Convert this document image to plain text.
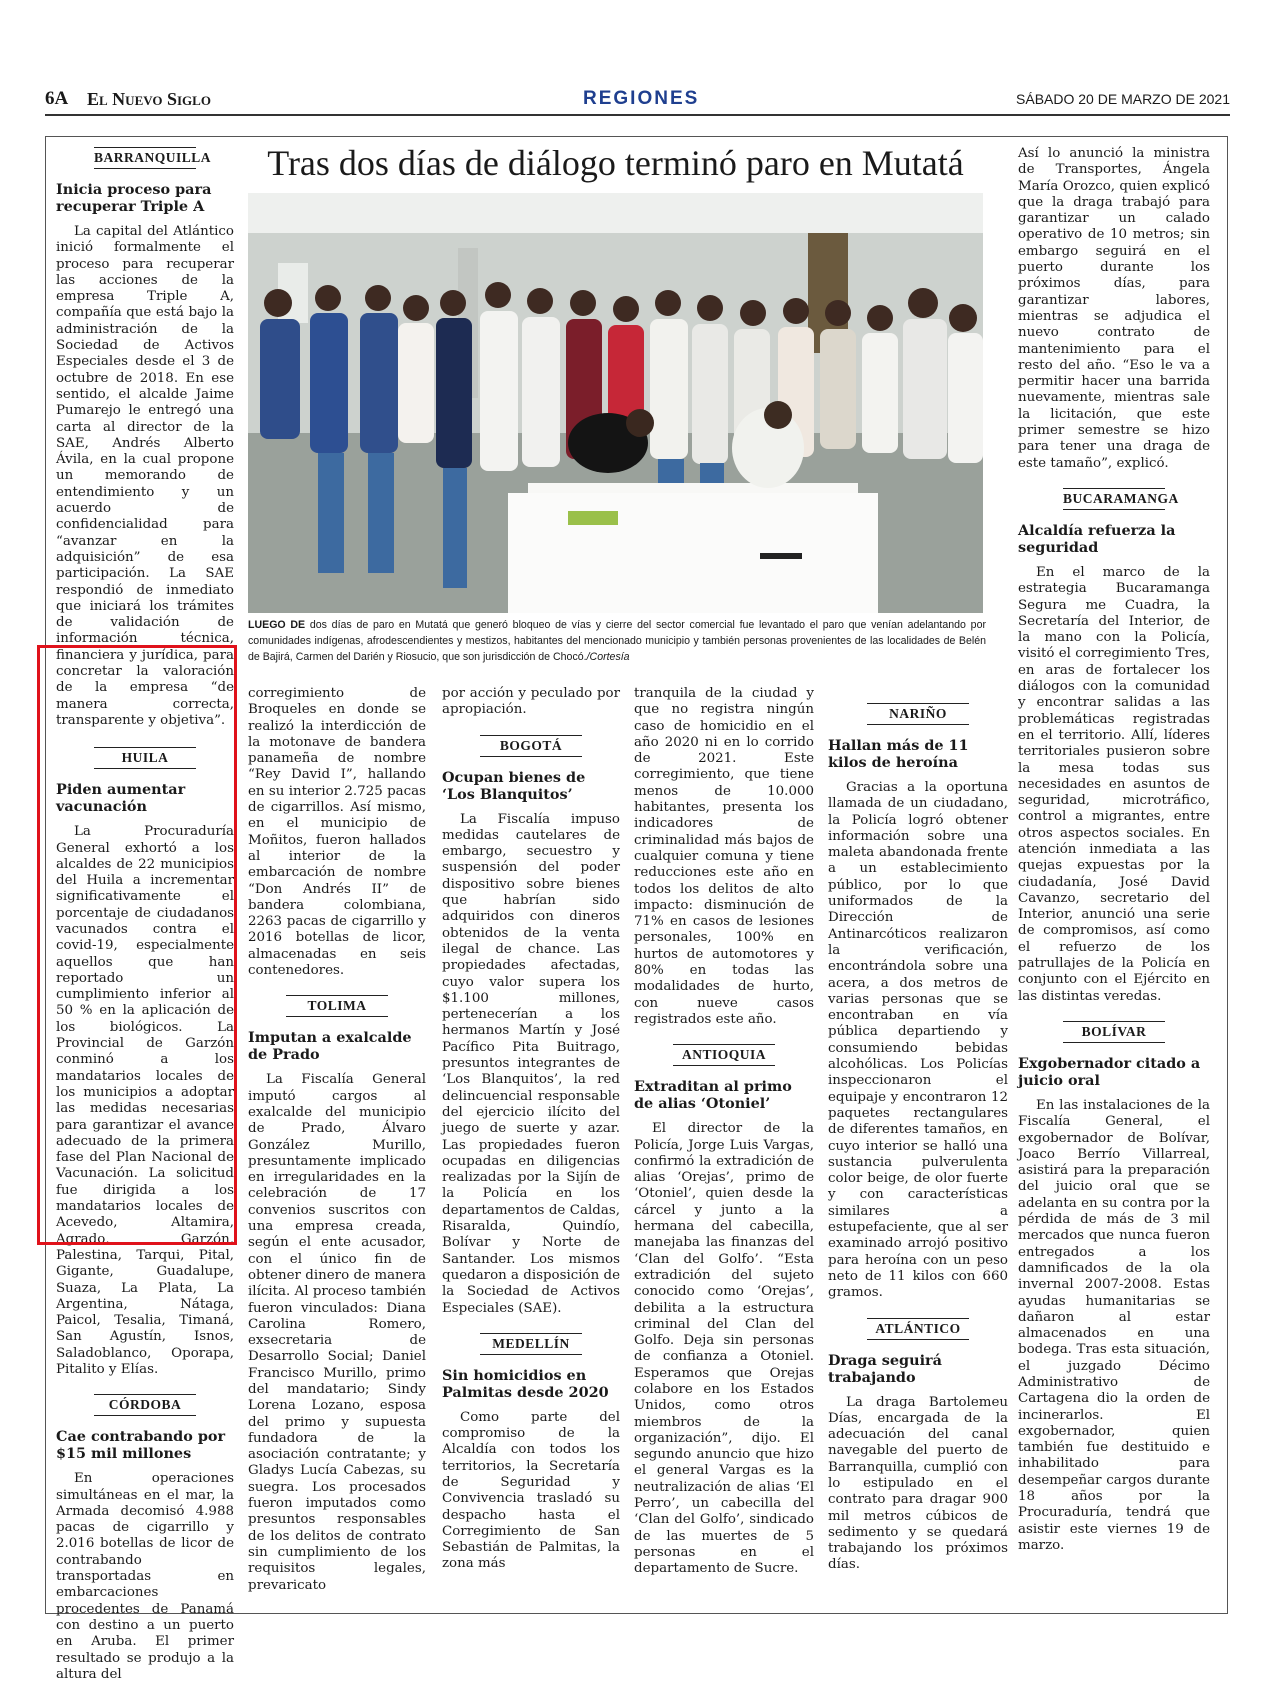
6A El Nuevo Siglo	REGIONES	SÁBADO 20 DE MARZO DE 2021
Tras dos días de diálogo terminó paro en Mutatá
LUEGO DE dos días de paro en Mutatá que generó bloqueo de vías y cierre del sector comercial fue levantado el paro que venían adelantando por comunidades indígenas, afrodescendientes y mestizos, habitantes del mencionado municipio y también personas provenientes de las localidades de Belén de Bajirá, Carmen del Darién y Riosucio, que son jurisdicción de Chocó./Cortesía
BARRANQUILLA
Inicia proceso para recuperar Triple A

La capital del Atlántico inició formalmente el proceso para recuperar las acciones de la empresa Triple A, compañía que está bajo la administración de la Sociedad de Activos Especiales desde el 3 de octubre de 2018. En ese sentido, el alcalde Jaime Pumarejo le entregó una carta al director de la SAE, Andrés Alberto Ávila, en la cual propone un memorando de entendimiento y un acuerdo de confidencialidad para “avanzar en la adquisición” de esa participación. La SAE respondió de inmediato que iniciará los trámites de validación de información técnica, financiera y jurídica, para concretar la valoración de la empresa “de manera correcta, transparente y objetiva”.

HUILA
Piden aumentar vacunación

La Procuraduría General exhortó a los alcaldes de 22 municipios del Huila a incrementar significativamente el porcentaje de ciudadanos vacunados contra el covid-19, especialmente aquellos que han reportado un cumplimiento inferior al 50 % en la aplicación de los biológicos. La Provincial de Garzón conminó a los mandatarios locales de los municipios a adoptar las medidas necesarias para garantizar el avance adecuado de la primera fase del Plan Nacional de Vacunación. La solicitud fue dirigida a los mandatarios locales de Acevedo, Altamira, Agrado, Garzón, Palestina, Tarqui, Pital, Gigante, Guadalupe, Suaza, La Plata, La Argentina, Nátaga, Paicol, Tesalia, Timaná, San Agustín, Isnos, Saladoblanco, Oporapa, Pitalito y Elías.

CÓRDOBA
Cae contrabando por $15 mil millones

En operaciones simultáneas en el mar, la Armada decomisó 4.988 pacas de cigarrillo y 2.016 botellas de licor de contrabando transportadas en embarcaciones procedentes de Panamá con destino a un puerto en Aruba. El primer resultado se produjo a la altura del

corregimiento de Broqueles en donde se realizó la interdicción de la motonave de bandera panameña de nombre “Rey David I”, hallando en su interior 2.725 pacas de cigarrillos. Así mismo, en el municipio de Moñitos, fueron hallados al interior de la embarcación de nombre “Don Andrés II” de bandera colombiana, 2263 pacas de cigarrillo y 2016 botellas de licor, almacenadas en seis contenedores.

TOLIMA
Imputan a exalcalde de Prado

La Fiscalía General imputó cargos al exalcalde del municipio de Prado, Álvaro González Murillo, presuntamente implicado en irregularidades en la celebración de 17 convenios suscritos con una empresa creada, según el ente acusador, con el único fin de obtener dinero de manera ilícita. Al proceso también fueron vinculados: Diana Carolina Romero, exsecretaria de Desarrollo Social; Daniel Francisco Murillo, primo del mandatario; Sindy Lorena Lozano, esposa del primo y supuesta fundadora de la asociación contratante; y Gladys Lucía Cabezas, su suegra. Los procesados fueron imputados como presuntos responsables de los delitos de contrato sin cumplimiento de los requisitos legales, prevaricato

por acción y peculado por apropiación.

BOGOTÁ
Ocupan bienes de ‘Los Blanquitos’

La Fiscalía impuso medidas cautelares de embargo, secuestro y suspensión del poder dispositivo sobre bienes que habrían sido adquiridos con dineros obtenidos de la venta ilegal de chance. Las propiedades afectadas, cuyo valor supera los $1.100 millones, pertenecerían a los hermanos Martín y José Pacífico Pita Buitrago, presuntos integrantes de ‘Los Blanquitos’, la red delincuencial responsable del ejercicio ilícito del juego de suerte y azar. Las propiedades fueron ocupadas en diligencias realizadas por la Sijín de la Policía en los departamentos de Caldas, Risaralda, Quindío, Bolívar y Norte de Santander. Los mismos quedaron a disposición de la Sociedad de Activos Especiales (SAE).

MEDELLÍN
Sin homicidios en Palmitas desde 2020

Como parte del compromiso de la Alcaldía con todos los territorios, la Secretaría de Seguridad y Convivencia trasladó su despacho hasta el Corregimiento de San Sebastián de Palmitas, la zona más

tranquila de la ciudad y que no registra ningún caso de homicidio en el año 2020 ni en lo corrido de 2021. Este corregimiento, que tiene menos de 10.000 habitantes, presenta los indicadores de criminalidad más bajos de cualquier comuna y tiene reducciones este año en todos los delitos de alto impacto: disminución de 71% en casos de lesiones personales, 100% en hurtos de automotores y 80% en todas las modalidades de hurto, con nueve casos registrados este año.

ANTIOQUIA
Extraditan al primo de alias ‘Otoniel’

El director de la Policía, Jorge Luis Vargas, confirmó la extradición de alias ‘Orejas’, primo de ‘Otoniel’, quien desde la cárcel y junto a la hermana del cabecilla, manejaba las finanzas del ‘Clan del Golfo’. “Esta extradición del sujeto conocido como ‘Orejas’, debilita a la estructura criminal del Clan del Golfo. Deja sin personas de confianza a Otoniel. Esperamos que Orejas colabore en los Estados Unidos, como otros miembros de la organización”, dijo. El segundo anuncio que hizo el general Vargas es la neutralización de alias ‘El Perro’, un cabecilla del ‘Clan del Golfo’, sindicado de las muertes de 5 personas en el departamento de Sucre.

NARIÑO
Hallan más de 11 kilos de heroína

Gracias a la oportuna llamada de un ciudadano, la Policía logró obtener información sobre una maleta abandonada frente a un establecimiento público, por lo que uniformados de la Dirección de Antinarcóticos realizaron la verificación, encontrándola sobre una acera, a dos metros de varias personas que se encontraban en vía pública departiendo y consumiendo bebidas alcohólicas. Los Policías inspeccionaron el equipaje y encontraron 12 paquetes rectangulares de diferentes tamaños, en cuyo interior se halló una sustancia pulverulenta color beige, de olor fuerte y con características similares a estupefaciente, que al ser examinado arrojó positivo para heroína con un peso neto de 11 kilos con 660 gramos.

ATLÁNTICO
Draga seguirá trabajando

La draga Bartolemeu Días, encargada de la adecuación del canal navegable del puerto de Barranquilla, cumplió con lo estipulado en el contrato para dragar 900 mil metros cúbicos de sedimento y se quedará trabajando los próximos días.

Así lo anunció la ministra de Transportes, Ángela María Orozco, quien explicó que la draga trabajó para garantizar un calado operativo de 10 metros; sin embargo seguirá en el puerto durante los próximos días, para garantizar labores, mientras se adjudica el nuevo contrato de mantenimiento para el resto del año. “Eso le va a permitir hacer una barrida nuevamente, mientras sale la licitación, que este primer semestre se hizo para tener una draga de este tamaño”, explicó.

BUCARAMANGA
Alcaldía refuerza la seguridad

En el marco de la estrategia Bucaramanga Segura me Cuadra, la Secretaría del Interior, de la mano con la Policía, visitó el corregimiento Tres, en aras de fortalecer los diálogos con la comunidad y encontrar salidas a las problemáticas registradas en el territorio. Allí, líderes territoriales pusieron sobre la mesa todas sus necesidades en asuntos de seguridad, microtráfico, control a migrantes, entre otros aspectos sociales. En atención inmediata a las quejas expuestas por la ciudadanía, José David Cavanzo, secretario del Interior, anunció una serie de compromisos, así como el refuerzo de los patrullajes de la Policía en conjunto con el Ejército en las distintas veredas.

BOLÍVAR
Exgobernador citado a juicio oral

En las instalaciones de la Fiscalía General, el exgobernador de Bolívar, Joaco Berrío Villarreal, asistirá para la preparación del juicio oral que se adelanta en su contra por la pérdida de más de 3 mil mercados que nunca fueron entregados a los damnificados de la ola invernal 2007-2008. Estas ayudas humanitarias se dañaron al estar almacenados en una bodega. Tras esta situación, el juzgado Décimo Administrativo de Cartagena dio la orden de incinerarlos. El exgobernador, quien también fue destituido e inhabilitado para desempeñar cargos durante 18 años por la Procuraduría, tendrá que asistir este viernes 19 de marzo.
